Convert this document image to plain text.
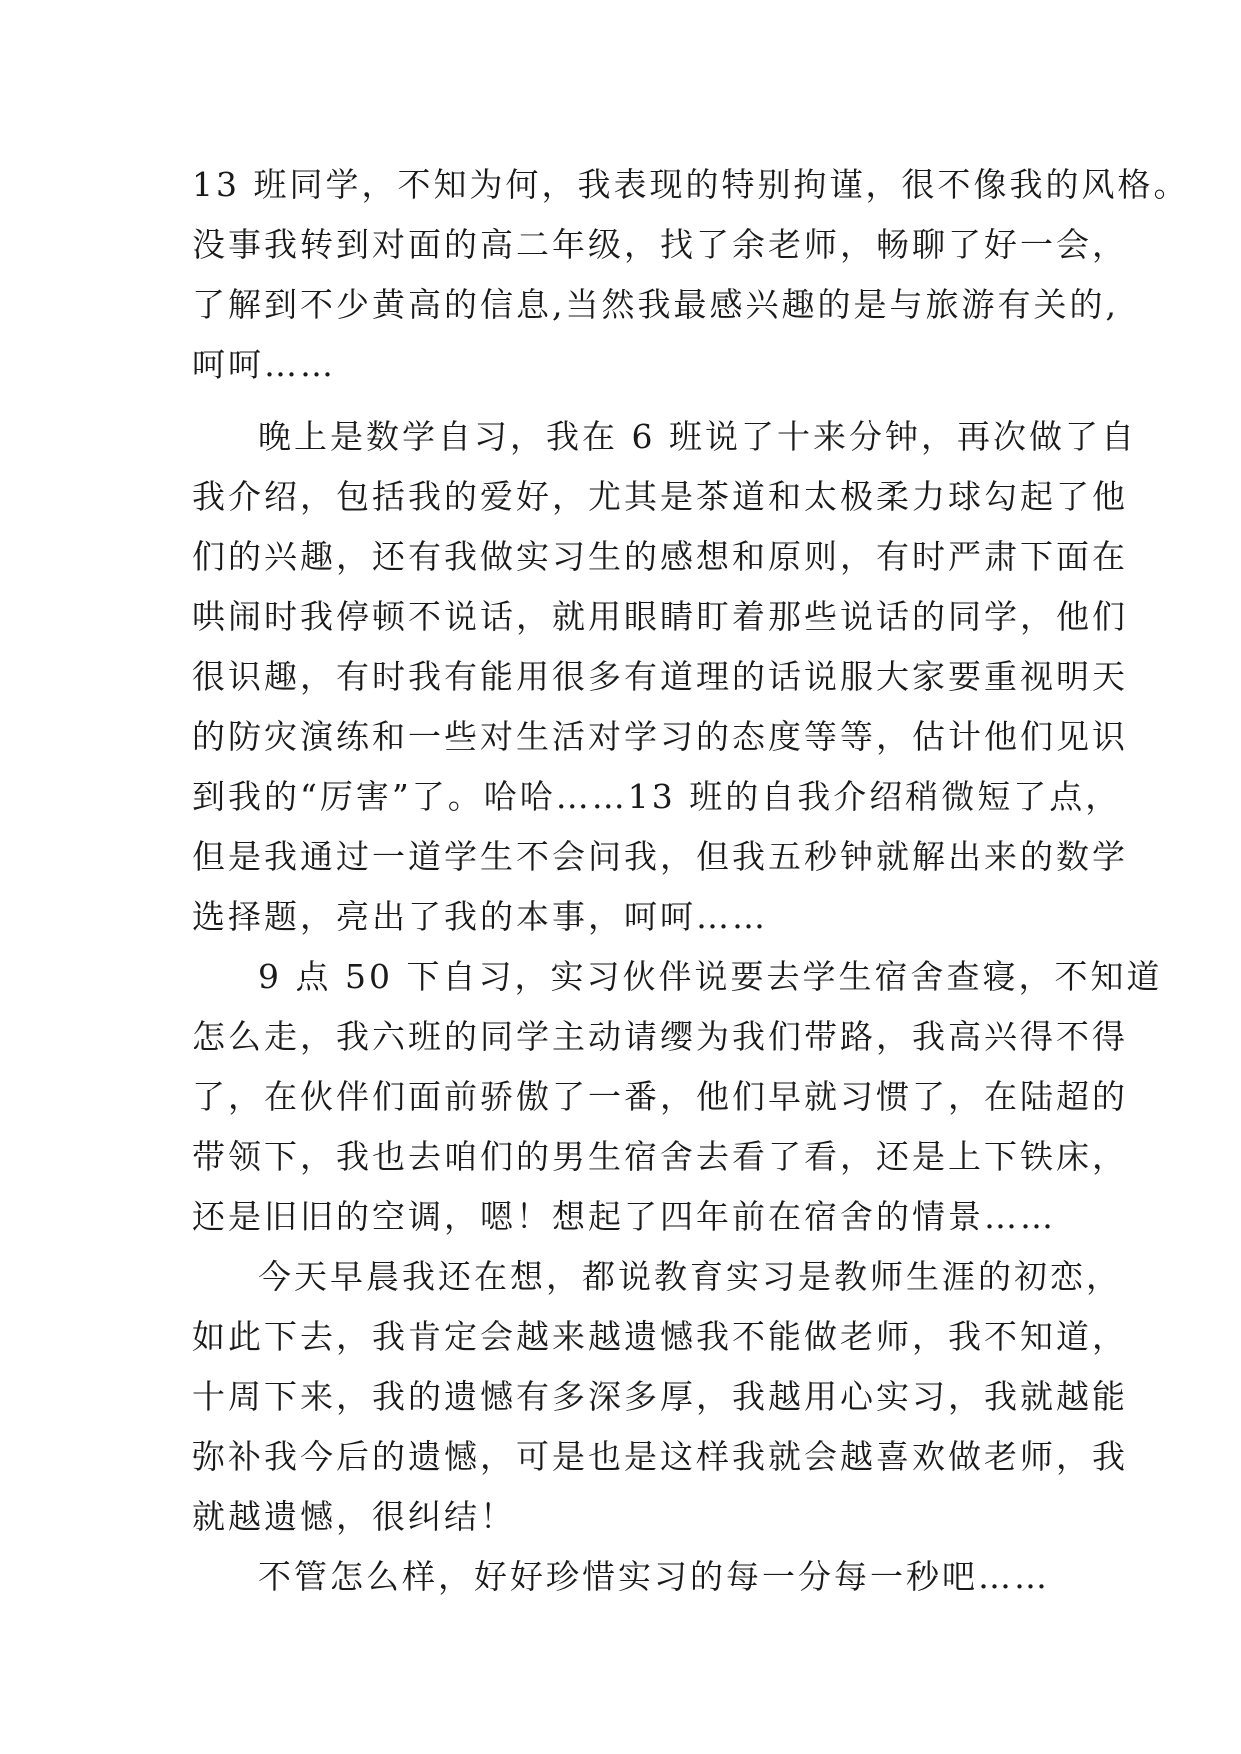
13 班同学，不知为何，我表现的特别拘谨，很不像我的风格。
没事我转到对面的高二年级，找了余老师，畅聊了好一会，
了解到不少黄高的信息,当然我最感兴趣的是与旅游有关的,
呵呵……
晚上是数学自习，我在 6 班说了十来分钟，再次做了自
我介绍，包括我的爱好，尤其是茶道和太极柔力球勾起了他
们的兴趣，还有我做实习生的感想和原则，有时严肃下面在
哄闹时我停顿不说话，就用眼睛盯着那些说话的同学，他们
很识趣，有时我有能用很多有道理的话说服大家要重视明天
的防灾演练和一些对生活对学习的态度等等，估计他们见识
到我的“厉害”了。哈哈……13 班的自我介绍稍微短了点，
但是我通过一道学生不会问我，但我五秒钟就解出来的数学
选择题，亮出了我的本事，呵呵……
9 点 50 下自习，实习伙伴说要去学生宿舍查寝，不知道
怎么走，我六班的同学主动请缨为我们带路，我高兴得不得
了，在伙伴们面前骄傲了一番，他们早就习惯了，在陆超的
带领下，我也去咱们的男生宿舍去看了看，还是上下铁床，
还是旧旧的空调，嗯！想起了四年前在宿舍的情景……
今天早晨我还在想，都说教育实习是教师生涯的初恋，
如此下去，我肯定会越来越遗憾我不能做老师，我不知道，
十周下来，我的遗憾有多深多厚，我越用心实习，我就越能
弥补我今后的遗憾，可是也是这样我就会越喜欢做老师，我
就越遗憾，很纠结！
不管怎么样，好好珍惜实习的每一分每一秒吧……
